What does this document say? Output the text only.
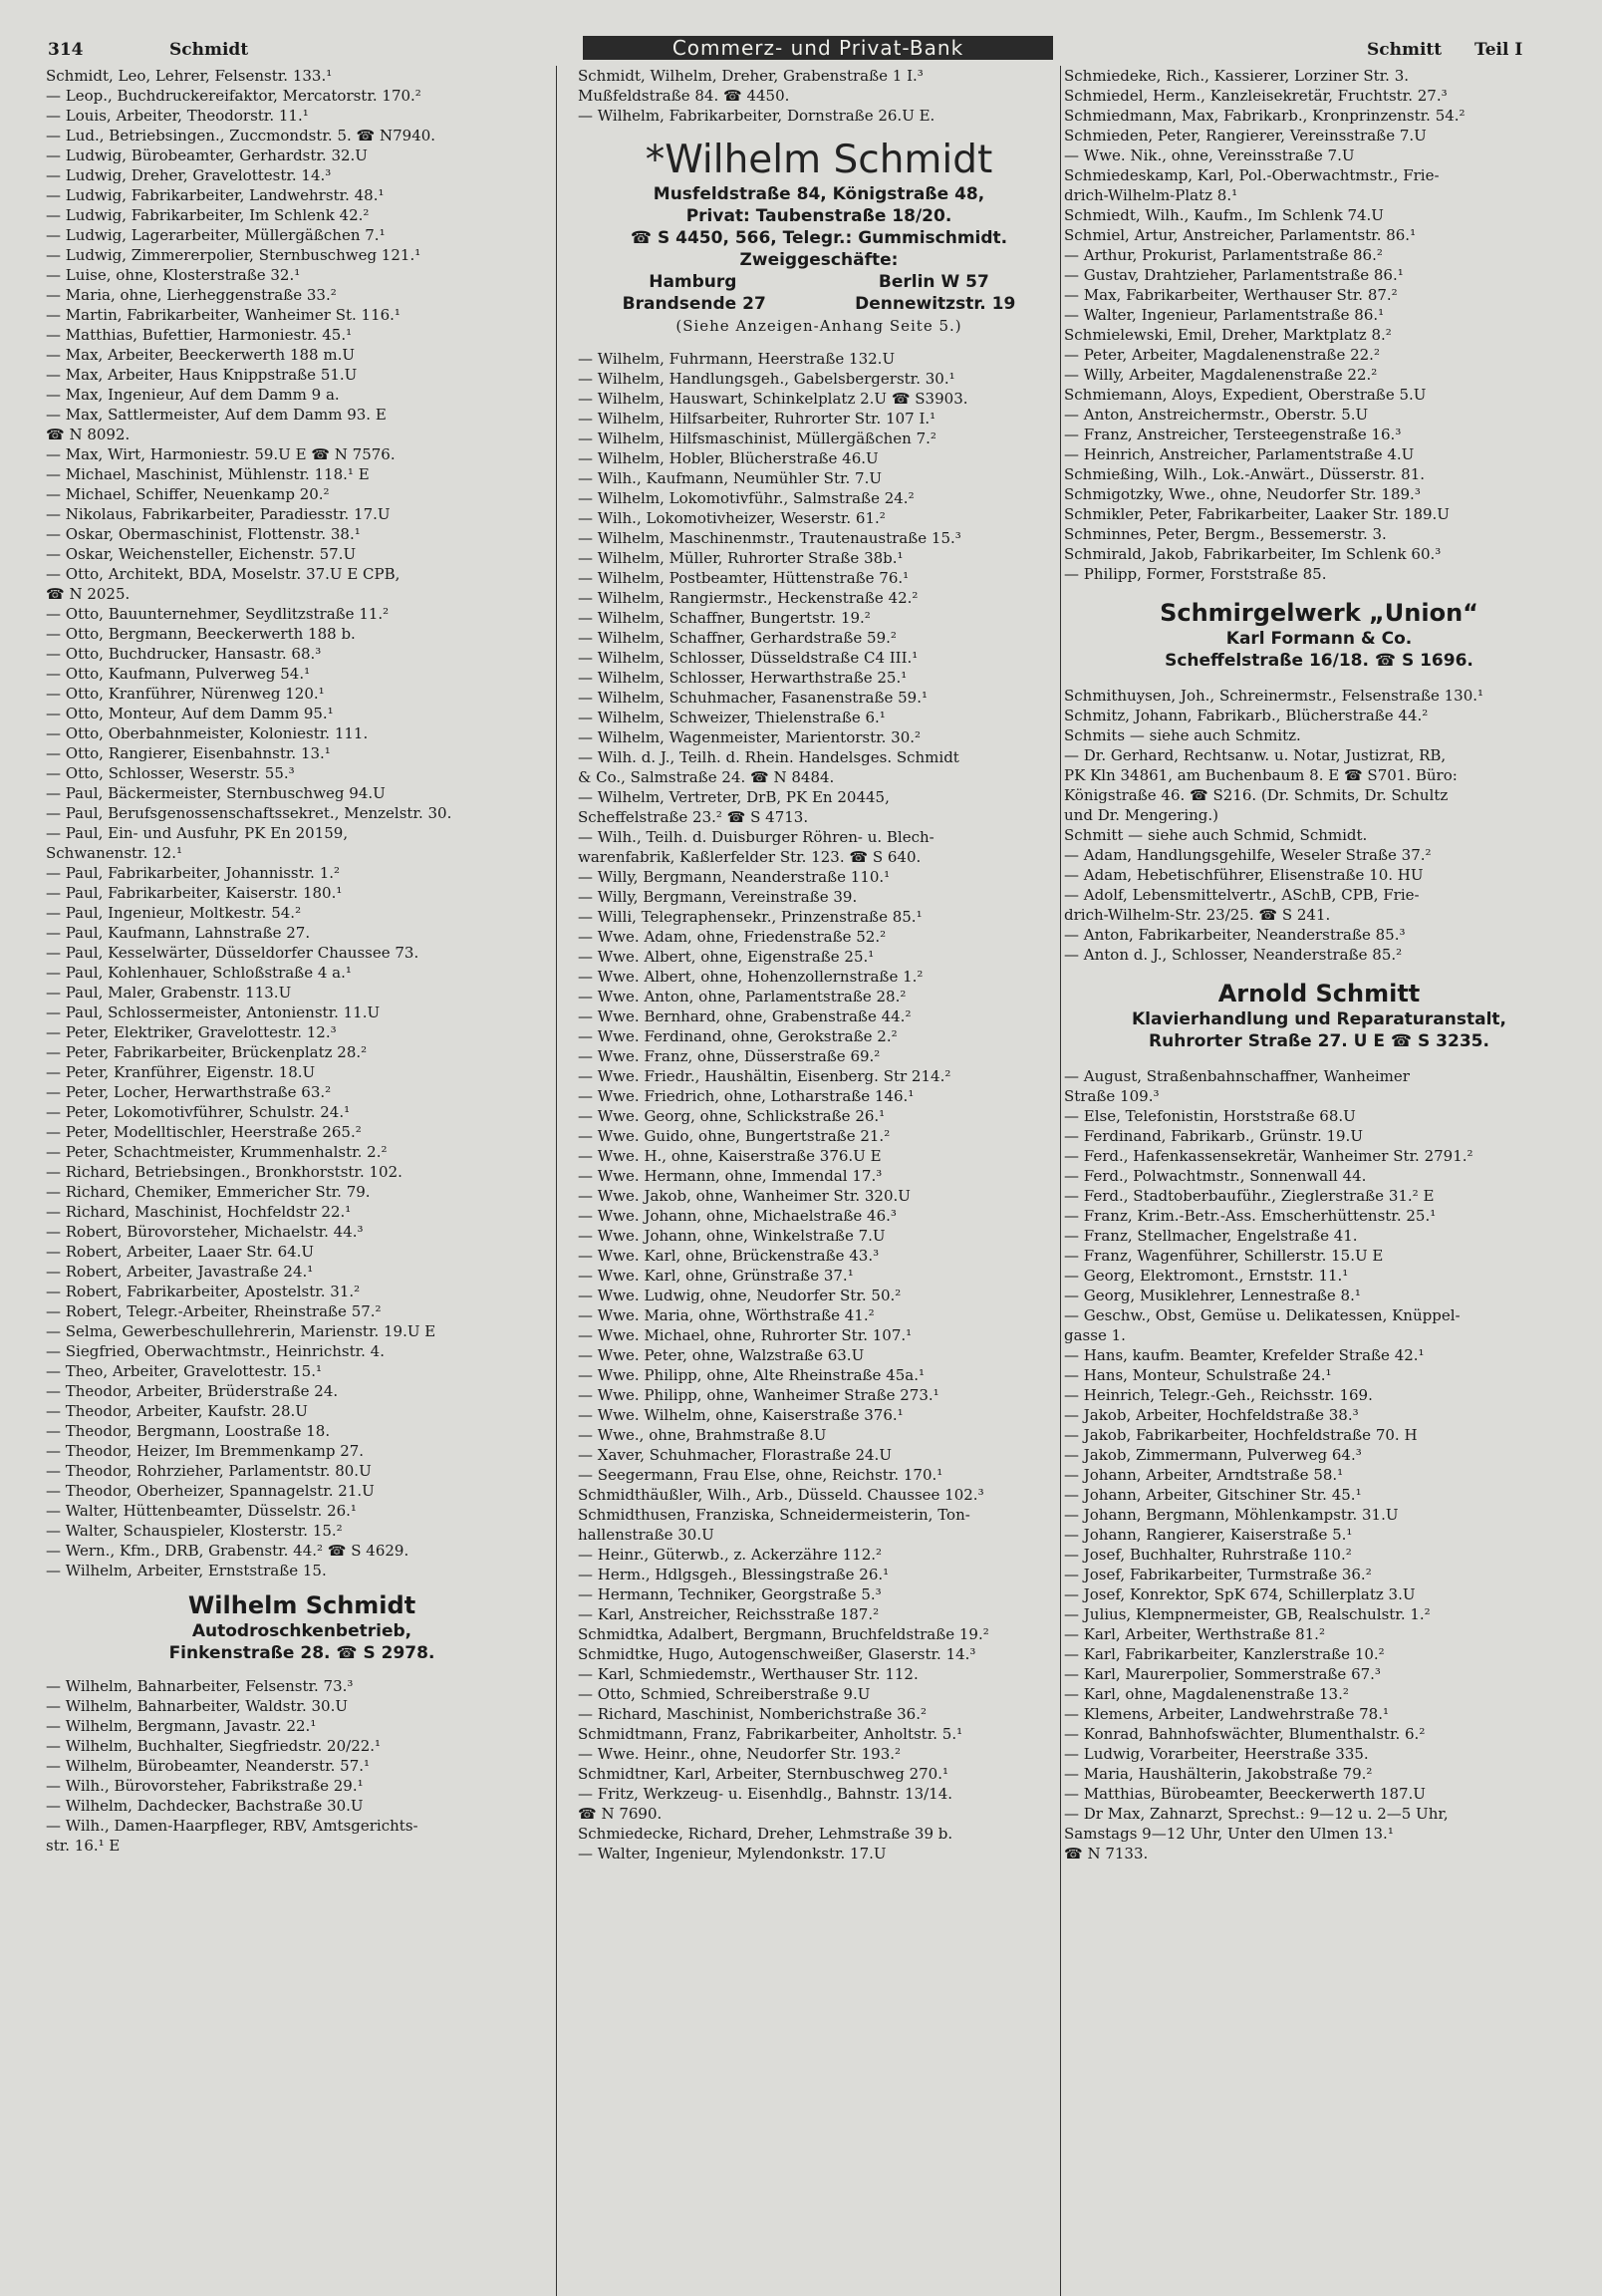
314	Schmidt	Commerz- und Privat-Bank	Schmitt Teil I
Schmidt, Leo, Lehrer, Felsenstr. 133.¹
— Leop., Buchdruckereifaktor, Mercatorstr. 170.²
— Louis, Arbeiter, Theodorstr. 11.¹
— Lud., Betriebsingen., Zuccmondstr. 5. ☎ N7940.
— Ludwig, Bürobeamter, Gerhardstr. 32.U
— Ludwig, Dreher, Gravelottestr. 14.³
— Ludwig, Fabrikarbeiter, Landwehrstr. 48.¹
— Ludwig, Fabrikarbeiter, Im Schlenk 42.²
— Ludwig, Lagerarbeiter, Müllergäßchen 7.¹
— Ludwig, Zimmererpolier, Sternbuschweg 121.¹
— Luise, ohne, Klosterstraße 32.¹
— Maria, ohne, Lierheggenstraße 33.²
— Martin, Fabrikarbeiter, Wanheimer St. 116.¹
— Matthias, Bufettier, Harmoniestr. 45.¹
— Max, Arbeiter, Beeckerwerth 188 m.U
— Max, Arbeiter, Haus Knippstraße 51.U
— Max, Ingenieur, Auf dem Damm 9 a.
— Max, Sattlermeister, Auf dem Damm 93. E
☎ N 8092.
— Max, Wirt, Harmoniestr. 59.U E ☎ N 7576.
— Michael, Maschinist, Mühlenstr. 118.¹ E
— Michael, Schiffer, Neuenkamp 20.²
— Nikolaus, Fabrikarbeiter, Paradiesstr. 17.U
— Oskar, Obermaschinist, Flottenstr. 38.¹
— Oskar, Weichensteller, Eichenstr. 57.U
— Otto, Architekt, BDA, Moselstr. 37.U E CPB,
☎ N 2025.
— Otto, Bauunternehmer, Seydlitzstraße 11.²
— Otto, Bergmann, Beeckerwerth 188 b.
— Otto, Buchdrucker, Hansastr. 68.³
— Otto, Kaufmann, Pulverweg 54.¹
— Otto, Kranführer, Nürenweg 120.¹
— Otto, Monteur, Auf dem Damm 95.¹
— Otto, Oberbahnmeister, Koloniestr. 111.
— Otto, Rangierer, Eisenbahnstr. 13.¹
— Otto, Schlosser, Weserstr. 55.³
— Paul, Bäckermeister, Sternbuschweg 94.U
— Paul, Berufsgenossenschaftssekret., Menzelstr. 30.
— Paul, Ein- und Ausfuhr, PK En 20159,
Schwanenstr. 12.¹
— Paul, Fabrikarbeiter, Johannisstr. 1.²
— Paul, Fabrikarbeiter, Kaiserstr. 180.¹
— Paul, Ingenieur, Moltkestr. 54.²
— Paul, Kaufmann, Lahnstraße 27.
— Paul, Kesselwärter, Düsseldorfer Chaussee 73.
— Paul, Kohlenhauer, Schloßstraße 4 a.¹
— Paul, Maler, Grabenstr. 113.U
— Paul, Schlossermeister, Antonienstr. 11.U
— Peter, Elektriker, Gravelottestr. 12.³
— Peter, Fabrikarbeiter, Brückenplatz 28.²
— Peter, Kranführer, Eigenstr. 18.U
— Peter, Locher, Herwarthstraße 63.²
— Peter, Lokomotivführer, Schulstr. 24.¹
— Peter, Modelltischler, Heerstraße 265.²
— Peter, Schachtmeister, Krummenhalstr. 2.²
— Richard, Betriebsingen., Bronkhorststr. 102.
— Richard, Chemiker, Emmericher Str. 79.
— Richard, Maschinist, Hochfeldstr 22.¹
— Robert, Bürovorsteher, Michaelstr. 44.³
— Robert, Arbeiter, Laaer Str. 64.U
— Robert, Arbeiter, Javastraße 24.¹
— Robert, Fabrikarbeiter, Apostelstr. 31.²
— Robert, Telegr.-Arbeiter, Rheinstraße 57.²
— Selma, Gewerbeschullehrerin, Marienstr. 19.U E
— Siegfried, Oberwachtmstr., Heinrichstr. 4.
— Theo, Arbeiter, Gravelottestr. 15.¹
— Theodor, Arbeiter, Brüderstraße 24.
— Theodor, Arbeiter, Kaufstr. 28.U
— Theodor, Bergmann, Loostraße 18.
— Theodor, Heizer, Im Bremmenkamp 27.
— Theodor, Rohrzieher, Parlamentstr. 80.U
— Theodor, Oberheizer, Spannagelstr. 21.U
— Walter, Hüttenbeamter, Düsselstr. 26.¹
— Walter, Schauspieler, Klosterstr. 15.²
— Wern., Kfm., DRB, Grabenstr. 44.² ☎ S 4629.
— Wilhelm, Arbeiter, Ernststraße 15.
Wilhelm Schmidt
Autodroschkenbetrieb,
Finkenstraße 28. ☎ S 2978.
— Wilhelm, Bahnarbeiter, Felsenstr. 73.³
— Wilhelm, Bahnarbeiter, Waldstr. 30.U
— Wilhelm, Bergmann, Javastr. 22.¹
— Wilhelm, Buchhalter, Siegfriedstr. 20/22.¹
— Wilhelm, Bürobeamter, Neanderstr. 57.¹
— Wilh., Bürovorsteher, Fabrikstraße 29.¹
— Wilhelm, Dachdecker, Bachstraße 30.U
— Wilh., Damen-Haarpfleger, RBV, Amtsgerichts-
str. 16.¹ E
Schmidt, Wilhelm, Dreher, Grabenstraße 1 I.³
Mußfeldstraße 84. ☎ 4450.
— Wilhelm, Fabrikarbeiter, Dornstraße 26.U E.
*Wilhelm Schmidt
Musfeldstraße 84, Königstraße 48,
Privat: Taubenstraße 18/20.
☎ S 4450, 566, Telegr.: Gummischmidt.
Zweiggeschäfte:
Hamburg	Berlin W 57
Brandsende 27	Dennewitzstr. 19
(Siehe Anzeigen-Anhang Seite 5.)
— Wilhelm, Fuhrmann, Heerstraße 132.U
— Wilhelm, Handlungsgeh., Gabelsbergerstr. 30.¹
— Wilhelm, Hauswart, Schinkelplatz 2.U ☎ S3903.
— Wilhelm, Hilfsarbeiter, Ruhrorter Str. 107 I.¹
— Wilhelm, Hilfsmaschinist, Müllergäßchen 7.²
— Wilhelm, Hobler, Blücherstraße 46.U
— Wilh., Kaufmann, Neumühler Str. 7.U
— Wilhelm, Lokomotivführ., Salmstraße 24.²
— Wilh., Lokomotivheizer, Weserstr. 61.²
— Wilhelm, Maschinenmstr., Trautenaustraße 15.³
— Wilhelm, Müller, Ruhrorter Straße 38b.¹
— Wilhelm, Postbeamter, Hüttenstraße 76.¹
— Wilhelm, Rangiermstr., Heckenstraße 42.²
— Wilhelm, Schaffner, Bungertstr. 19.²
— Wilhelm, Schaffner, Gerhardstraße 59.²
— Wilhelm, Schlosser, Düsseldstraße C4 III.¹
— Wilhelm, Schlosser, Herwarthstraße 25.¹
— Wilhelm, Schuhmacher, Fasanenstraße 59.¹
— Wilhelm, Schweizer, Thielenstraße 6.¹
— Wilhelm, Wagenmeister, Marientorstr. 30.²
— Wilh. d. J., Teilh. d. Rhein. Handelsges. Schmidt
& Co., Salmstraße 24. ☎ N 8484.
— Wilhelm, Vertreter, DrB, PK En 20445,
Scheffelstraße 23.² ☎ S 4713.
— Wilh., Teilh. d. Duisburger Röhren- u. Blech-
warenfabrik, Kaßlerfelder Str. 123. ☎ S 640.
— Willy, Bergmann, Neanderstraße 110.¹
— Willy, Bergmann, Vereinstraße 39.
— Willi, Telegraphensekr., Prinzenstraße 85.¹
— Wwe. Adam, ohne, Friedenstraße 52.²
— Wwe. Albert, ohne, Eigenstraße 25.¹
— Wwe. Albert, ohne, Hohenzollernstraße 1.²
— Wwe. Anton, ohne, Parlamentstraße 28.²
— Wwe. Bernhard, ohne, Grabenstraße 44.²
— Wwe. Ferdinand, ohne, Gerokstraße 2.²
— Wwe. Franz, ohne, Düsserstraße 69.²
— Wwe. Friedr., Haushältin, Eisenberg. Str 214.²
— Wwe. Friedrich, ohne, Lotharstraße 146.¹
— Wwe. Georg, ohne, Schlickstraße 26.¹
— Wwe. Guido, ohne, Bungertstraße 21.²
— Wwe. H., ohne, Kaiserstraße 376.U E
— Wwe. Hermann, ohne, Immendal 17.³
— Wwe. Jakob, ohne, Wanheimer Str. 320.U
— Wwe. Johann, ohne, Michaelstraße 46.³
— Wwe. Johann, ohne, Winkelstraße 7.U
— Wwe. Karl, ohne, Brückenstraße 43.³
— Wwe. Karl, ohne, Grünstraße 37.¹
— Wwe. Ludwig, ohne, Neudorfer Str. 50.²
— Wwe. Maria, ohne, Wörthstraße 41.²
— Wwe. Michael, ohne, Ruhrorter Str. 107.¹
— Wwe. Peter, ohne, Walzstraße 63.U
— Wwe. Philipp, ohne, Alte Rheinstraße 45a.¹
— Wwe. Philipp, ohne, Wanheimer Straße 273.¹
— Wwe. Wilhelm, ohne, Kaiserstraße 376.¹
— Wwe., ohne, Brahmstraße 8.U
— Xaver, Schuhmacher, Florastraße 24.U
— Seegermann, Frau Else, ohne, Reichstr. 170.¹
Schmidthäußler, Wilh., Arb., Düsseld. Chaussee 102.³
Schmidthusen, Franziska, Schneidermeisterin, Ton-
hallenstraße 30.U
— Heinr., Güterwb., z. Ackerzähre 112.²
— Herm., Hdlgsgeh., Blessingstraße 26.¹
— Hermann, Techniker, Georgstraße 5.³
— Karl, Anstreicher, Reichsstraße 187.²
Schmidtka, Adalbert, Bergmann, Bruchfeldstraße 19.²
Schmidtke, Hugo, Autogenschweißer, Glaserstr. 14.³
— Karl, Schmiedemstr., Werthauser Str. 112.
— Otto, Schmied, Schreiberstraße 9.U
— Richard, Maschinist, Nomberichstraße 36.²
Schmidtmann, Franz, Fabrikarbeiter, Anholtstr. 5.¹
— Wwe. Heinr., ohne, Neudorfer Str. 193.²
Schmidtner, Karl, Arbeiter, Sternbuschweg 270.¹
— Fritz, Werkzeug- u. Eisenhdlg., Bahnstr. 13/14.
☎ N 7690.
Schmiedecke, Richard, Dreher, Lehmstraße 39 b.
— Walter, Ingenieur, Mylendonkstr. 17.U
Schmiedeke, Rich., Kassierer, Lorziner Str. 3.
Schmiedel, Herm., Kanzleisekretär, Fruchtstr. 27.³
Schmiedmann, Max, Fabrikarb., Kronprinzenstr. 54.²
Schmieden, Peter, Rangierer, Vereinsstraße 7.U
— Wwe. Nik., ohne, Vereinsstraße 7.U
Schmiedeskamp, Karl, Pol.-Oberwachtmstr., Frie-
drich-Wilhelm-Platz 8.¹
Schmiedt, Wilh., Kaufm., Im Schlenk 74.U
Schmiel, Artur, Anstreicher, Parlamentstr. 86.¹
— Arthur, Prokurist, Parlamentstraße 86.²
— Gustav, Drahtzieher, Parlamentstraße 86.¹
— Max, Fabrikarbeiter, Werthauser Str. 87.²
— Walter, Ingenieur, Parlamentstraße 86.¹
Schmielewski, Emil, Dreher, Marktplatz 8.²
— Peter, Arbeiter, Magdalenenstraße 22.²
— Willy, Arbeiter, Magdalenenstraße 22.²
Schmiemann, Aloys, Expedient, Oberstraße 5.U
— Anton, Anstreichermstr., Oberstr. 5.U
— Franz, Anstreicher, Tersteegenstraße 16.³
— Heinrich, Anstreicher, Parlamentstraße 4.U
Schmießing, Wilh., Lok.-Anwärt., Düsserstr. 81.
Schmigotzky, Wwe., ohne, Neudorfer Str. 189.³
Schmikler, Peter, Fabrikarbeiter, Laaker Str. 189.U
Schminnes, Peter, Bergm., Bessemerstr. 3.
Schmirald, Jakob, Fabrikarbeiter, Im Schlenk 60.³
— Philipp, Former, Forststraße 85.
Schmirgelwerk „Union“
Karl Formann & Co.
Scheffelstraße 16/18. ☎ S 1696.
Schmithuysen, Joh., Schreinermstr., Felsenstraße 130.¹
Schmitz, Johann, Fabrikarb., Blücherstraße 44.²
Schmits — siehe auch Schmitz.
— Dr. Gerhard, Rechtsanw. u. Notar, Justizrat, RB,
PK Kln 34861, am Buchenbaum 8. E ☎ S701. Büro:
Königstraße 46. ☎ S216. (Dr. Schmits, Dr. Schultz
und Dr. Mengering.)
Schmitt — siehe auch Schmid, Schmidt.
— Adam, Handlungsgehilfe, Weseler Straße 37.²
— Adam, Hebetischführer, Elisenstraße 10. HU
— Adolf, Lebensmittelvertr., ASchB, CPB, Frie-
drich-Wilhelm-Str. 23/25. ☎ S 241.
— Anton, Fabrikarbeiter, Neanderstraße 85.³
— Anton d. J., Schlosser, Neanderstraße 85.²
Arnold Schmitt
Klavierhandlung und Reparaturanstalt,
Ruhrorter Straße 27. U E ☎ S 3235.
— August, Straßenbahnschaffner, Wanheimer
Straße 109.³
— Else, Telefonistin, Horststraße 68.U
— Ferdinand, Fabrikarb., Grünstr. 19.U
— Ferd., Hafenkassensekretär, Wanheimer Str. 2791.²
— Ferd., Polwachtmstr., Sonnenwall 44.
— Ferd., Stadtoberbauführ., Zieglerstraße 31.² E
— Franz, Krim.-Betr.-Ass. Emscherhüttenstr. 25.¹
— Franz, Stellmacher, Engelstraße 41.
— Franz, Wagenführer, Schillerstr. 15.U E
— Georg, Elektromont., Ernststr. 11.¹
— Georg, Musiklehrer, Lennestraße 8.¹
— Geschw., Obst, Gemüse u. Delikatessen, Knüppel-
gasse 1.
— Hans, kaufm. Beamter, Krefelder Straße 42.¹
— Hans, Monteur, Schulstraße 24.¹
— Heinrich, Telegr.-Geh., Reichsstr. 169.
— Jakob, Arbeiter, Hochfeldstraße 38.³
— Jakob, Fabrikarbeiter, Hochfeldstraße 70. H
— Jakob, Zimmermann, Pulverweg 64.³
— Johann, Arbeiter, Arndtstraße 58.¹
— Johann, Arbeiter, Gitschiner Str. 45.¹
— Johann, Bergmann, Möhlenkampstr. 31.U
— Johann, Rangierer, Kaiserstraße 5.¹
— Josef, Buchhalter, Ruhrstraße 110.²
— Josef, Fabrikarbeiter, Turmstraße 36.²
— Josef, Konrektor, SpK 674, Schillerplatz 3.U
— Julius, Klempnermeister, GB, Realschulstr. 1.²
— Karl, Arbeiter, Werthstraße 81.²
— Karl, Fabrikarbeiter, Kanzlerstraße 10.²
— Karl, Maurerpolier, Sommerstraße 67.³
— Karl, ohne, Magdalenenstraße 13.²
— Klemens, Arbeiter, Landwehrstraße 78.¹
— Konrad, Bahnhofswächter, Blumenthalstr. 6.²
— Ludwig, Vorarbeiter, Heerstraße 335.
— Maria, Haushälterin, Jakobstraße 79.²
— Matthias, Bürobeamter, Beeckerwerth 187.U
— Dr Max, Zahnarzt, Sprechst.: 9—12 u. 2—5 Uhr,
Samstags 9—12 Uhr, Unter den Ulmen 13.¹
☎ N 7133.
